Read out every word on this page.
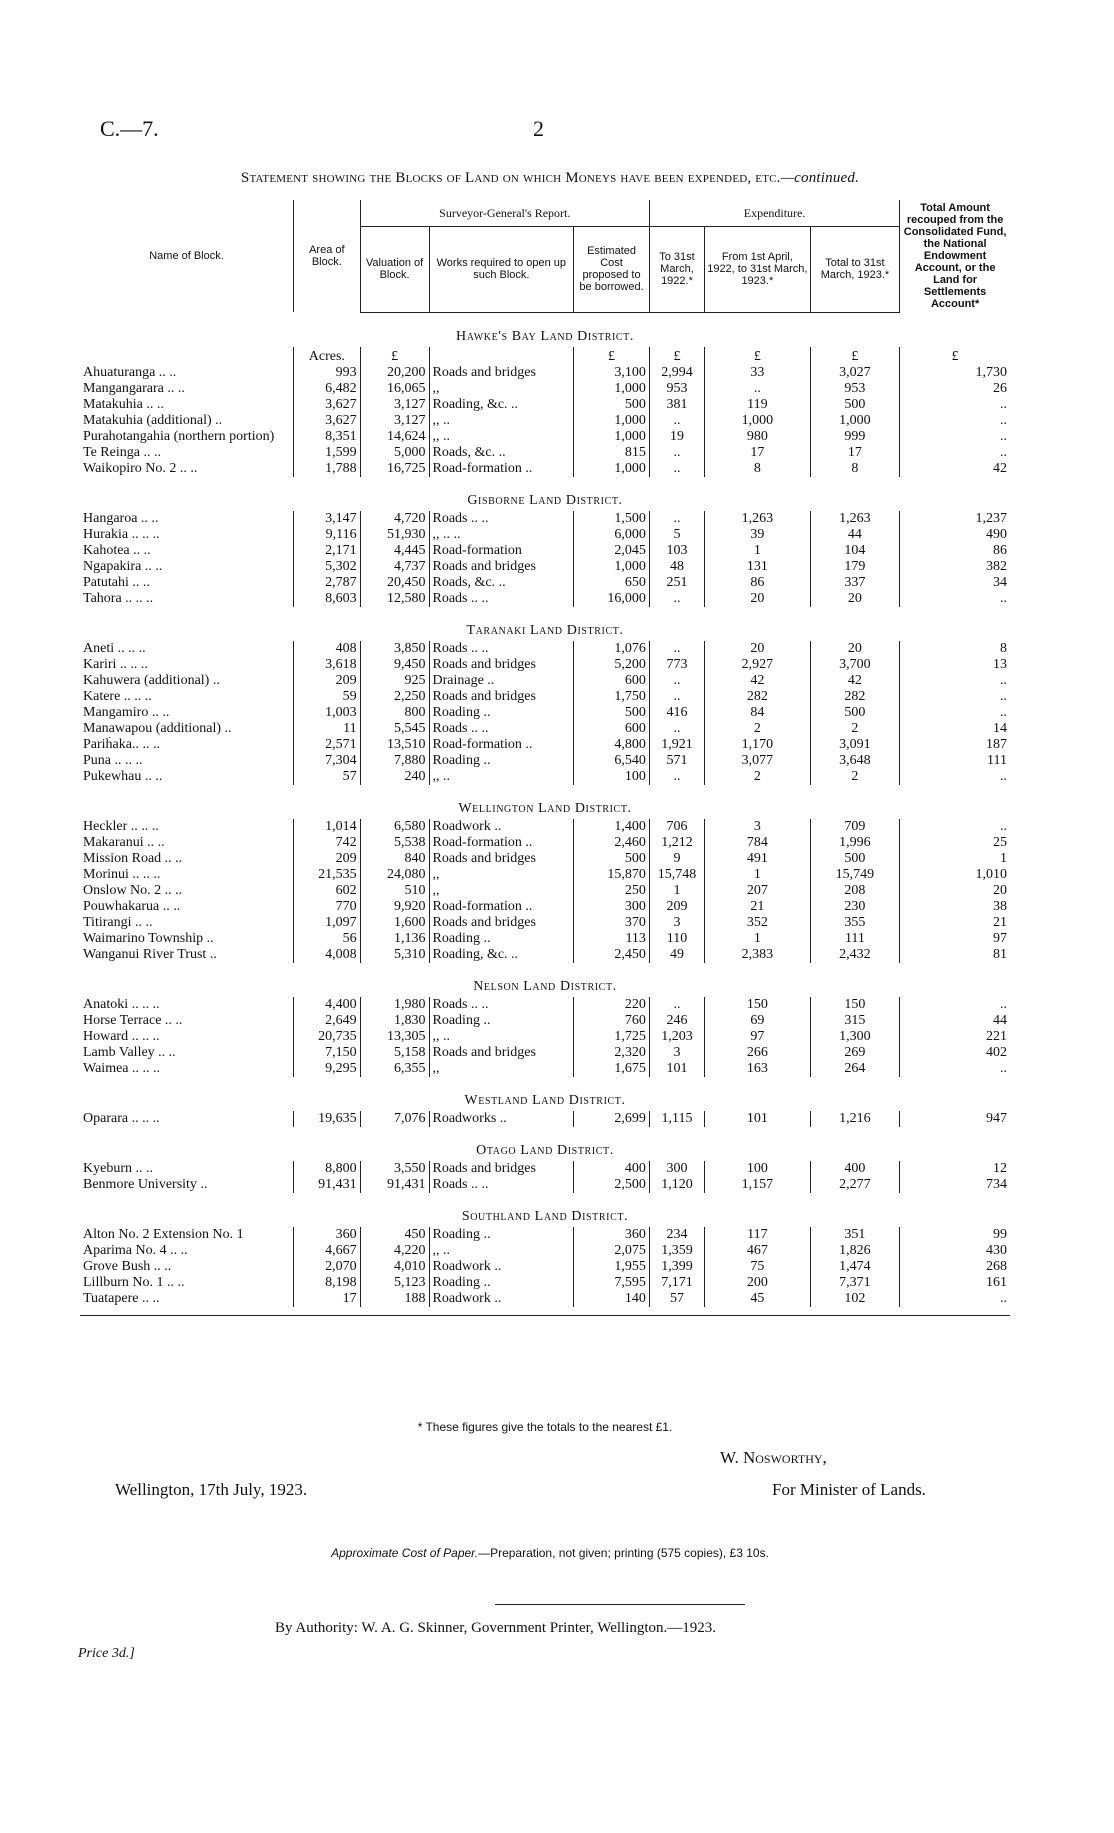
C.—7.	2
Statement showing the Blocks of Land on which Moneys have been expended, etc.—continued.
Name of Block.	Area of Block.	Surveyor-General's Report.			Expenditure.			Total Amount recouped from the Consolidated Fund, the National Endowment Account, or the Land for Settlements Account*
		Valuation of Block.	Works required to open up such Block.	Estimated Cost proposed to be borrowed.	To 31st March, 1922.*	From 1st April, 1922, to 31st March, 1923.*	Total to 31st March, 1923.*	
Hawke's Bay Land District.								
	Acres.	£		£	£	£	£	£
Ahuaturanga .. ..	993	20,200	Roads and bridges	3,100	2,994	33	3,027	1,730
Mangangarara .. ..	6,482	16,065	,,	1,000	953	..	953	26
Matakuhia .. ..	3,627	3,127	Roading, &c. ..	500	381	119	500	..
Matakuhia (additional) ..	3,627	3,127	,, ..	1,000	..	1,000	1,000	..
Purahotangahia (northern portion)	8,351	14,624	,, ..	1,000	19	980	999	..
Te Reinga .. ..	1,599	5,000	Roads, &c. ..	815	..	17	17	..
Waikopiro No. 2 .. ..	1,788	16,725	Road-formation ..	1,000	..	8	8	42
Gisborne Land District.								
Hangaroa .. ..	3,147	4,720	Roads .. ..	1,500	..	1,263	1,263	1,237
Hurakia .. .. ..	9,116	51,930	,, .. ..	6,000	5	39	44	490
Kahotea .. ..	2,171	4,445	Road-formation	2,045	103	1	104	86
Ngapakira .. ..	5,302	4,737	Roads and bridges	1,000	48	131	179	382
Patutahi .. ..	2,787	20,450	Roads, &c. ..	650	251	86	337	34
Tahora .. .. ..	8,603	12,580	Roads .. ..	16,000	..	20	20	..
Taranaki Land District.								
Aneti .. .. ..	408	3,850	Roads .. ..	1,076	..	20	20	8
Kariri .. .. ..	3,618	9,450	Roads and bridges	5,200	773	2,927	3,700	13
Kahuwera (additional) ..	209	925	Drainage ..	600	..	42	42	..
Katere .. .. ..	59	2,250	Roads and bridges	1,750	..	282	282	..
Mangamiro .. ..	1,003	800	Roading ..	500	416	84	500	..
Manawapou (additional) ..	11	5,545	Roads .. ..	600	..	2	2	14
Pariḣaka.. .. ..	2,571	13,510	Road-formation ..	4,800	1,921	1,170	3,091	187
Puna .. .. ..	7,304	7,880	Roading ..	6,540	571	3,077	3,648	111
Pukewhau .. ..	57	240	,, ..	100	..	2	2	..
Wellington Land District.								
Heckler .. .. ..	1,014	6,580	Roadwork ..	1,400	706	3	709	..
Makaranui .. ..	742	5,538	Road-formation ..	2,460	1,212	784	1,996	25
Mission Road .. ..	209	840	Roads and bridges	500	9	491	500	1
Morinui .. .. ..	21,535	24,080	,,	15,870	15,748	1	15,749	1,010
Onslow No. 2 .. ..	602	510	,,	250	1	207	208	20
Pouwhakarua .. ..	770	9,920	Road-formation ..	300	209	21	230	38
Titirangi .. ..	1,097	1,600	Roads and bridges	370	3	352	355	21
Waimarino Township ..	56	1,136	Roading ..	113	110	1	111	97
Wanganui River Trust ..	4,008	5,310	Roading, &c. ..	2,450	49	2,383	2,432	81
Nelson Land District.								
Anatoki .. .. ..	4,400	1,980	Roads .. ..	220	..	150	150	..
Horse Terrace .. ..	2,649	1,830	Roading ..	760	246	69	315	44
Howard .. .. ..	20,735	13,305	,, ..	1,725	1,203	97	1,300	221
Lamb Valley .. ..	7,150	5,158	Roads and bridges	2,320	3	266	269	402
Waimea .. .. ..	9,295	6,355	,,	1,675	101	163	264	..
Westland Land District.								
Oparara .. .. ..	19,635	7,076	Roadworks ..	2,699	1,115	101	1,216	947
Otago Land District.								
Kyeburn .. ..	8,800	3,550	Roads and bridges	400	300	100	400	12
Benmore University ..	91,431	91,431	Roads .. ..	2,500	1,120	1,157	2,277	734
Southland Land District.								
Alton No. 2 Extension No. 1	360	450	Roading ..	360	234	117	351	99
Aparima No. 4 .. ..	4,667	4,220	,, ..	2,075	1,359	467	1,826	430
Grove Bush .. ..	2,070	4,010	Roadwork ..	1,955	1,399	75	1,474	268
Lillburn No. 1 .. ..	8,198	5,123	Roading ..	7,595	7,171	200	7,371	161
Tuatapere .. ..	17	188	Roadwork ..	140	57	45	102	..

* These figures give the totals to the nearest £1.
W. Nosworthy,
Wellington, 17th July, 1923.	For Minister of Lands.
Approximate Cost of Paper.—Preparation, not given; printing (575 copies), £3 10s.
By Authority: W. A. G. Skinner, Government Printer, Wellington.—1923.
Price 3d.]
